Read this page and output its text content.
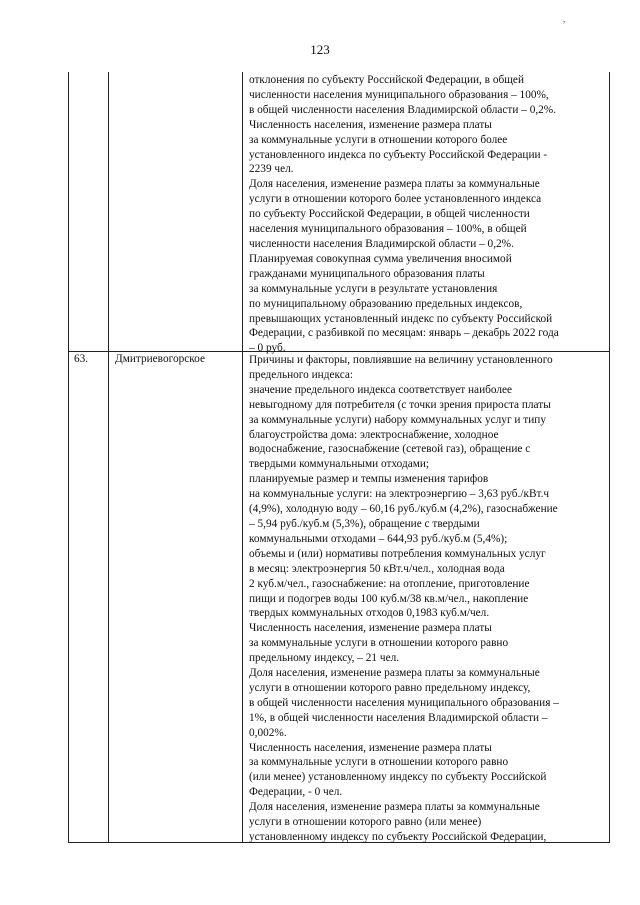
,
123
отклонения по субъекту Российской Федерации, в общей
численности населения муниципального образования – 100%,
в общей численности населения Владимирской области – 0,2%.
Численность населения, изменение размера платы
за коммунальные услуги в отношении которого более
установленного индекса по субъекту Российской Федерации -
2239 чел.
Доля населения, изменение размера платы за коммунальные
услуги в отношении которого более установленного индекса
по субъекту Российской Федерации, в общей численности
населения муниципального образования – 100%, в общей
численности населения Владимирской области – 0,2%.
Планируемая совокупная сумма увеличения вносимой
гражданами муниципального образования платы
за коммунальные услуги в результате установления
по муниципальному образованию предельных индексов,
превышающих установленный индекс по субъекту Российской
Федерации, с разбивкой по месяцам: январь – декабрь 2022 года
– 0 руб.
63. Дмитриевогорское	Причины и факторы, повлиявшие на величину установленного
предельного индекса:
значение предельного индекса соответствует наиболее
невыгодному для потребителя (с точки зрения прироста платы
за коммунальные услуги) набору коммунальных услуг и типу
благоустройства дома: электроснабжение, холодное
водоснабжение, газоснабжение (сетевой газ), обращение с
твердыми коммунальными отходами;
планируемые размер и темпы изменения тарифов
на коммунальные услуги: на электроэнергию – 3,63 руб./кВт.ч
(4,9%), холодную воду – 60,16 руб./куб.м (4,2%), газоснабжение
– 5,94 руб./куб.м (5,3%), обращение с твердыми
коммунальными отходами – 644,93 руб./куб.м (5,4%);
объемы и (или) нормативы потребления коммунальных услуг
в месяц: электроэнергия 50 кВт.ч/чел., холодная вода
2 куб.м/чел., газоснабжение: на отопление, приготовление
пищи и подогрев воды 100 куб.м/38 кв.м/чел., накопление
твердых коммунальных отходов 0,1983 куб.м/чел.
Численность населения, изменение размера платы
за коммунальные услуги в отношении которого равно
предельному индексу, – 21 чел.
Доля населения, изменение размера платы за коммунальные
услуги в отношении которого равно предельному индексу,
в общей численности населения муниципального образования –
1%, в общей численности населения Владимирской области –
0,002%.
Численность населения, изменение размера платы
за коммунальные услуги в отношении которого равно
(или менее) установленному индексу по субъекту Российской
Федерации, - 0 чел.
Доля населения, изменение размера платы за коммунальные
услуги в отношении которого равно (или менее)
установленному индексу по субъекту Российской Федерации,
